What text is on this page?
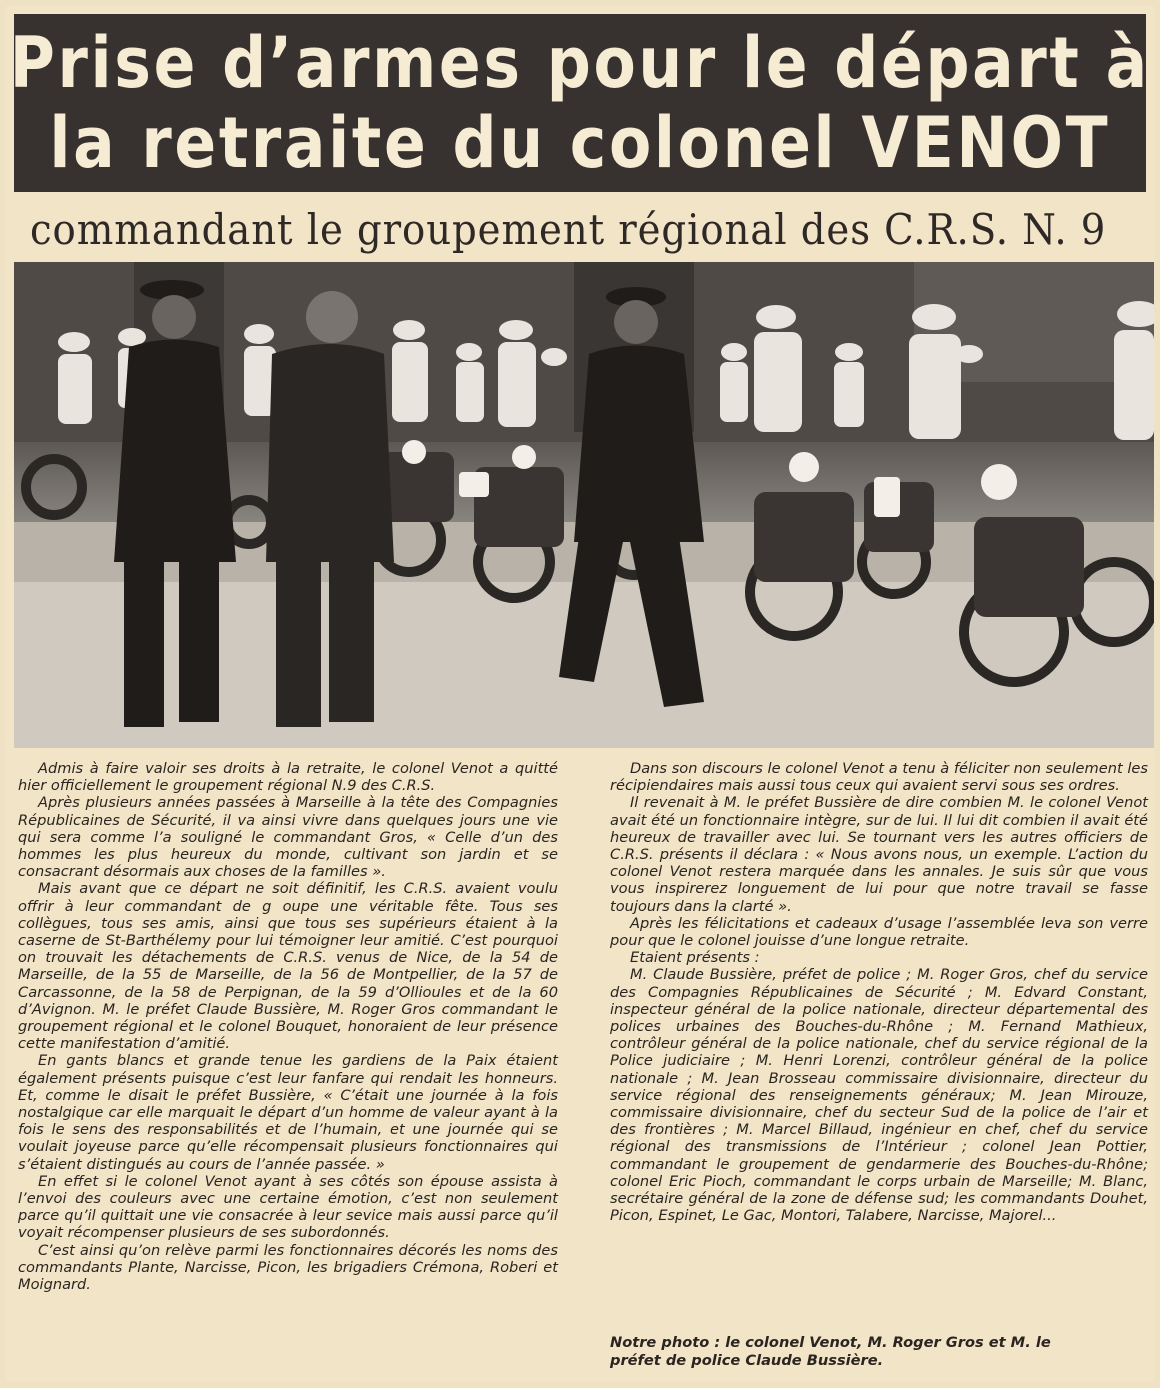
Prise d’armes pour le départ à
la retraite du colonel VENOT
commandant le groupement régional des C.R.S. N. 9

Admis à faire valoir ses droits à la retraite, le colonel Venot a quitté hier officiellement le groupement régional N.9 des C.R.S.

Après plusieurs années passées à Marseille à la tête des Compagnies Républicaines de Sécurité, il va ainsi vivre dans quelques jours une vie qui sera comme l’a souligné le commandant Gros, « Celle d’un des hommes les plus heureux du monde, cultivant son jardin et se consacrant désormais aux choses de la familles ».

Mais avant que ce départ ne soit définitif, les C.R.S. avaient voulu offrir à leur commandant de g oupe une véritable fête. Tous ses collègues, tous ses amis, ainsi que tous ses supérieurs étaient à la caserne de St-Barthélemy pour lui témoigner leur amitié. C’est pourquoi on trouvait les détachements de C.R.S. venus de Nice, de la 54 de Marseille, de la 55 de Marseille, de la 56 de Montpellier, de la 57 de Carcassonne, de la 58 de Perpignan, de la 59 d’Ollioules et de la 60 d’Avignon. M. le préfet Claude Bussière, M. Roger Gros commandant le groupement régional et le colonel Bouquet, honoraient de leur présence cette manifestation d’amitié.

En gants blancs et grande tenue les gardiens de la Paix étaient également présents puisque c’est leur fanfare qui rendait les honneurs. Et, comme le disait le préfet Bussière, « C’était une journée à la fois nostalgique car elle marquait le départ d’un homme de valeur ayant à la fois le sens des responsabilités et de l’humain, et une journée qui se voulait joyeuse parce qu’elle récompensait plusieurs fonctionnaires qui s’étaient distingués au cours de l’année passée. »

En effet si le colonel Venot ayant à ses côtés son épouse assista à l’envoi des couleurs avec une certaine émotion, c’est non seulement parce qu’il quittait une vie consacrée à leur sevice mais aussi parce qu’il voyait récompenser plusieurs de ses subordonnés.

C’est ainsi qu’on relève parmi les fonctionnaires décorés les noms des commandants Plante, Narcisse, Picon, les brigadiers Crémona, Roberi et Moignard.

Dans son discours le colonel Venot a tenu à féliciter non seulement les récipiendaires mais aussi tous ceux qui avaient servi sous ses ordres.

Il revenait à M. le préfet Bussière de dire combien M. le colonel Venot avait été un fonctionnaire intègre, sur de lui. Il lui dit combien il avait été heureux de travailler avec lui. Se tournant vers les autres officiers de C.R.S. présents il déclara : « Nous avons nous, un exemple. L’action du colonel Venot restera marquée dans les annales. Je suis sûr que vous vous inspirerez longuement de lui pour que notre travail se fasse toujours dans la clarté ».

Après les félicitations et cadeaux d’usage l’assemblée leva son verre pour que le colonel jouisse d’une longue retraite.

Etaient présents :

M. Claude Bussière, préfet de police ; M. Roger Gros, chef du service des Compagnies Républicaines de Sécurité ; M. Edvard Constant, inspecteur général de la police nationale, directeur départemental des polices urbaines des Bouches-du-Rhône ; M. Fernand Mathieux, contrôleur général de la police nationale, chef du service régional de la Police judiciaire ; M. Henri Lorenzi, contrôleur général de la police nationale ; M. Jean Brosseau commissaire divisionnaire, directeur du service régional des renseignements généraux; M. Jean Mirouze, commissaire divisionnaire, chef du secteur Sud de la police de l’air et des frontières ; M. Marcel Billaud, ingénieur en chef, chef du service régional des transmissions de l’Intérieur ; colonel Jean Pottier, commandant le groupement de gendarmerie des Bouches-du-Rhône; colonel Eric Pioch, commandant le corps urbain de Marseille; M. Blanc, secrétaire général de la zone de défense sud; les commandants Douhet, Picon, Espinet, Le Gac, Montori, Talabere, Narcisse, Majorel...

Notre photo : le colonel Venot, M. Roger Gros et M. le
préfet de police Claude Bussière.
